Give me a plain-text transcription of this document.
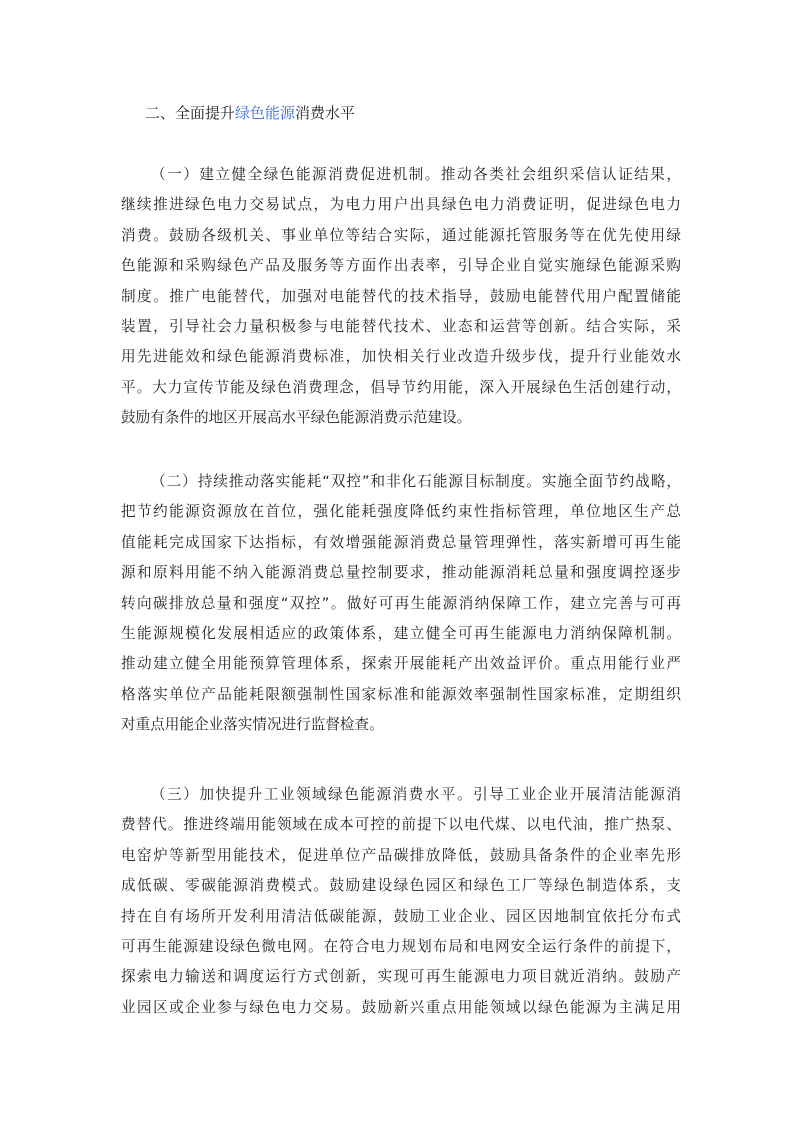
二、全面提升绿色能源消费水平
（一）建立健全绿色能源消费促进机制。推动各类社会组织采信认证结果，
继续推进绿色电力交易试点，为电力用户出具绿色电力消费证明，促进绿色电力
消费。鼓励各级机关、事业单位等结合实际，通过能源托管服务等在优先使用绿
色能源和采购绿色产品及服务等方面作出表率，引导企业自觉实施绿色能源采购
制度。推广电能替代，加强对电能替代的技术指导，鼓励电能替代用户配置储能
装置，引导社会力量积极参与电能替代技术、业态和运营等创新。结合实际，采
用先进能效和绿色能源消费标准，加快相关行业改造升级步伐，提升行业能效水
平。大力宣传节能及绿色消费理念，倡导节约用能，深入开展绿色生活创建行动，
鼓励有条件的地区开展高水平绿色能源消费示范建设。
（二）持续推动落实能耗“双控”和非化石能源目标制度。实施全面节约战略，
把节约能源资源放在首位，强化能耗强度降低约束性指标管理，单位地区生产总
值能耗完成国家下达指标，有效增强能源消费总量管理弹性，落实新增可再生能
源和原料用能不纳入能源消费总量控制要求，推动能源消耗总量和强度调控逐步
转向碳排放总量和强度“双控”。做好可再生能源消纳保障工作，建立完善与可再
生能源规模化发展相适应的政策体系，建立健全可再生能源电力消纳保障机制。
推动建立健全用能预算管理体系，探索开展能耗产出效益评价。重点用能行业严
格落实单位产品能耗限额强制性国家标准和能源效率强制性国家标准，定期组织
对重点用能企业落实情况进行监督检查。
（三）加快提升工业领域绿色能源消费水平。引导工业企业开展清洁能源消
费替代。推进终端用能领域在成本可控的前提下以电代煤、以电代油，推广热泵、
电窑炉等新型用能技术，促进单位产品碳排放降低，鼓励具备条件的企业率先形
成低碳、零碳能源消费模式。鼓励建设绿色园区和绿色工厂等绿色制造体系，支
持在自有场所开发利用清洁低碳能源，鼓励工业企业、园区因地制宜依托分布式
可再生能源建设绿色微电网。在符合电力规划布局和电网安全运行条件的前提下，
探索电力输送和调度运行方式创新，实现可再生能源电力项目就近消纳。鼓励产
业园区或企业参与绿色电力交易。鼓励新兴重点用能领域以绿色能源为主满足用
